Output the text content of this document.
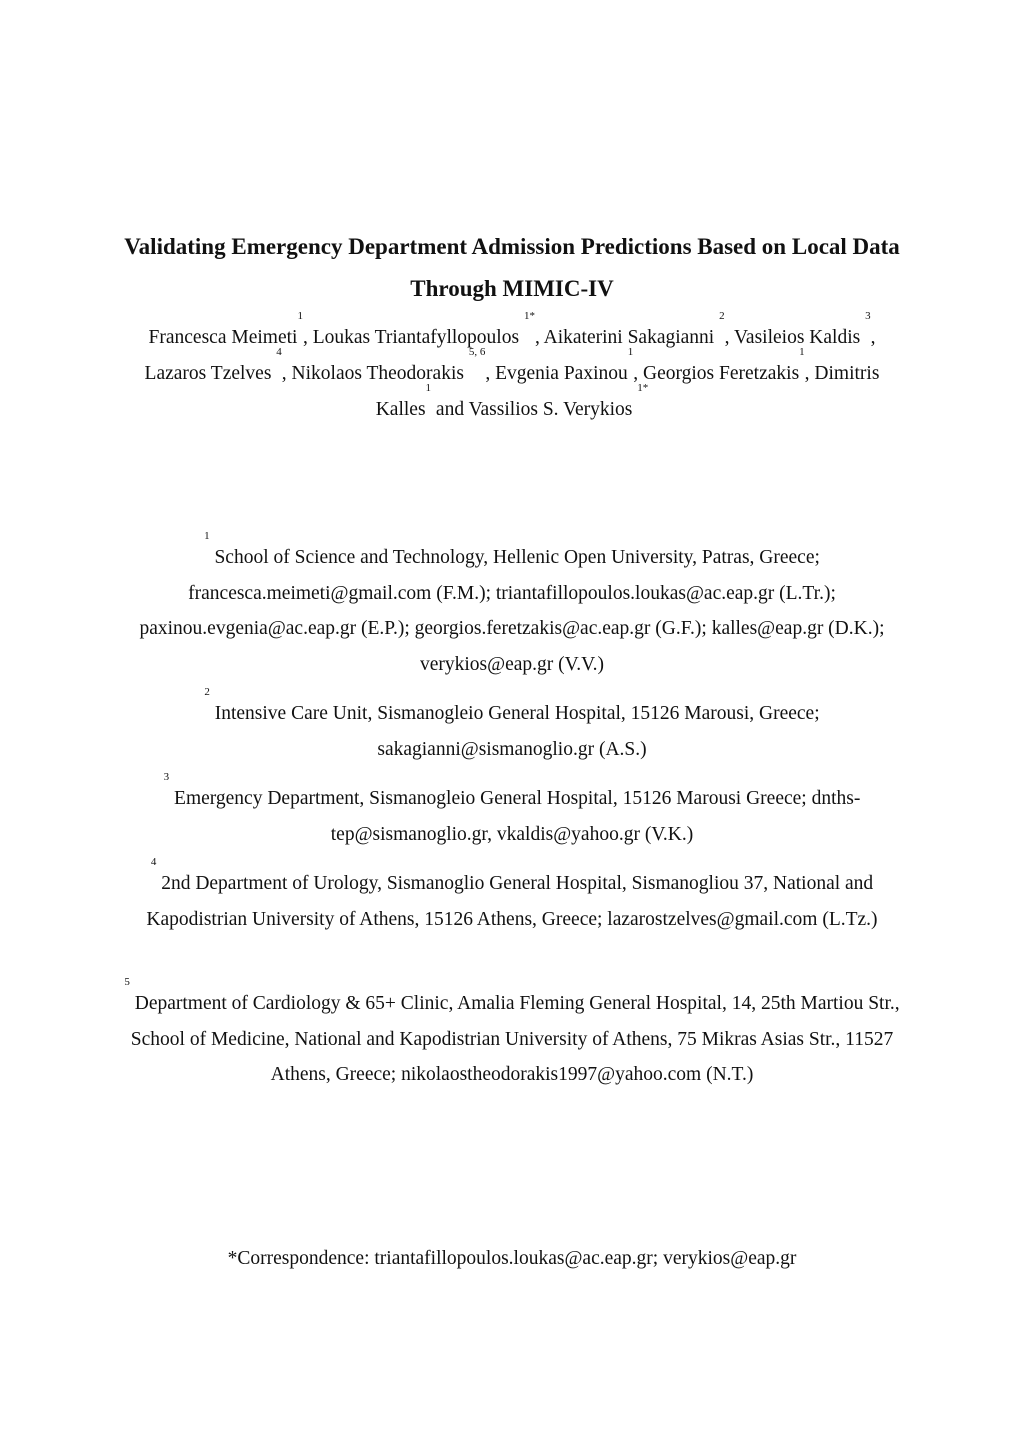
Validating Emergency Department Admission Predictions Based on Local Data Through MIMIC-IV

Francesca Meimeti$^1$, Loukas Triantafyllopoulos $^{1*}$, Aikaterini Sakagianni $^2$, Vasileios Kaldis $^3$, Lazaros Tzelves $^4$, Nikolaos Theodorakis $^{5, 6}$, Evgenia Paxinou$^1$, Georgios Feretzakis$^1$, Dimitris Kalles$^1$ and Vassilios S. Verykios $^{1*}$

$^1$ School of Science and Technology, Hellenic Open University, Patras, Greece; francesca.meimeti@gmail.com (F.M.); triantafillopoulos.loukas@ac.eap.gr (L.Tr.); paxinou.evgenia@ac.eap.gr (E.P.); georgios.feretzakis@ac.eap.gr (G.F.); kalles@eap.gr (D.K.); verykios@eap.gr (V.V.)

$^2$ Intensive Care Unit, Sismanogleio General Hospital, 15126 Marousi, Greece; sakagianni@sismanoglio.gr (A.S.)

$^3$ Emergency Department, Sismanogleio General Hospital, 15126 Marousi Greece; dnths-tep@sismanoglio.gr, vkaldis@yahoo.gr (V.K.)

$^4$ 2nd Department of Urology, Sismanoglio General Hospital, Sismanogliou 37, National and Kapodistrian University of Athens, 15126 Athens, Greece; lazarostzelves@gmail.com (L.Tz.)

$^5$ Department of Cardiology & 65+ Clinic, Amalia Fleming General Hospital, 14, 25th Martiou Str., School of Medicine, National and Kapodistrian University of Athens, 75 Mikras Asias Str., 11527 Athens, Greece; nikolaostheodorakis1997@yahoo.com (N.T.)

*Correspondence: triantafillopoulos.loukas@ac.eap.gr; verykios@eap.gr
